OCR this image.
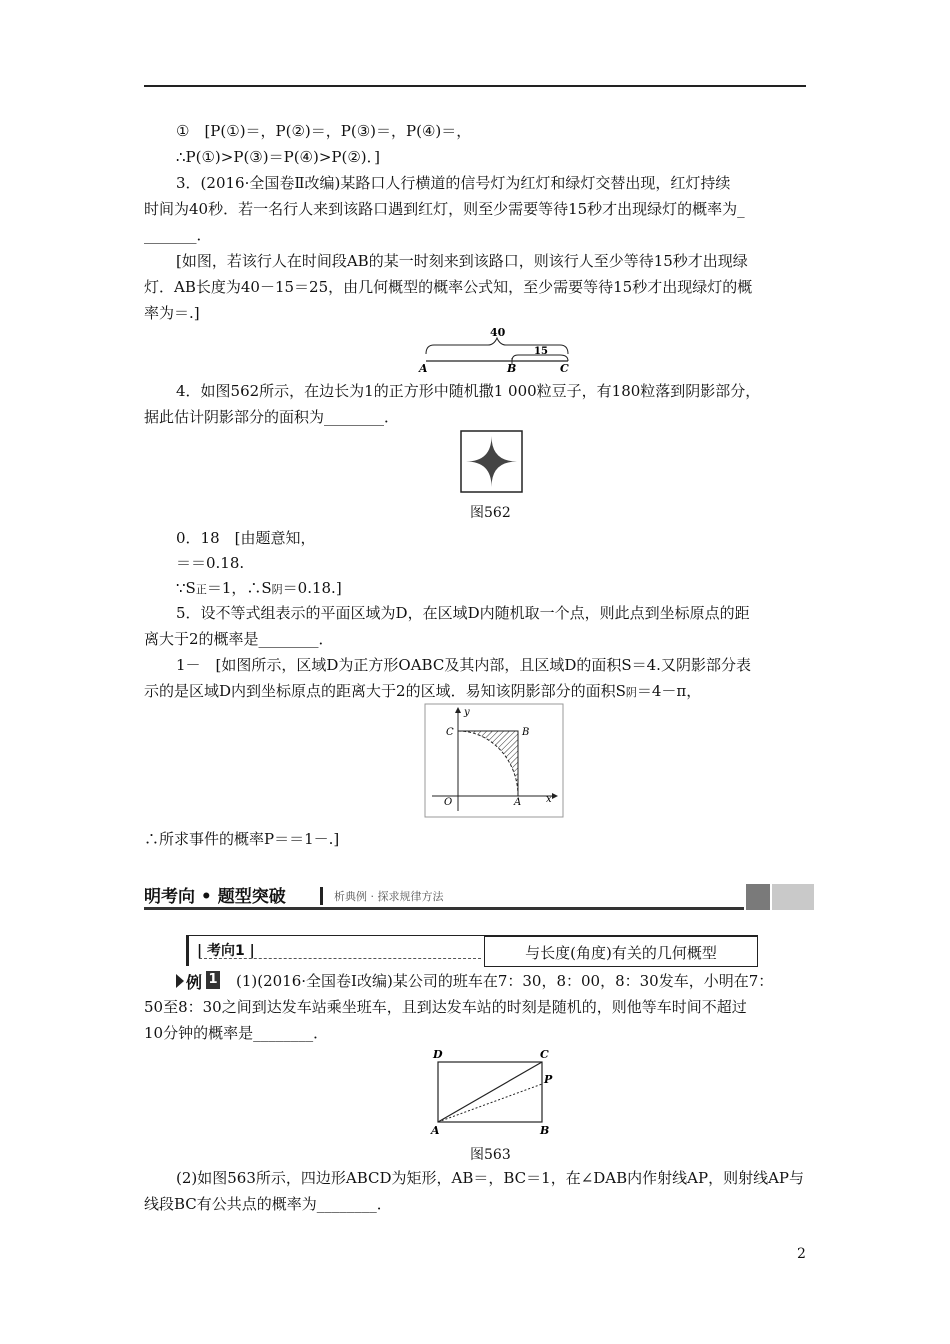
①　[P(①)＝，P(②)＝，P(③)＝，P(④)＝，
∴P(①)>P(③)＝P(④)>P(②)．]
3．(2016·全国卷Ⅱ改编)某路口人行横道的信号灯为红灯和绿灯交替出现，红灯持续
时间为40秒．若一名行人来到该路口遇到红灯，则至少需要等待15秒才出现绿灯的概率为_
_______．
[如图，若该行人在时间段AB的某一时刻来到该路口，则该行人至少等待15秒才出现绿
灯．AB长度为40－15＝25，由几何概型的概率公式知，至少需要等待15秒才出现绿灯的概
率为＝.]
40
15
A	B	C
4．如图562所示，在边长为1的正方形中随机撒1 000粒豆子，有180粒落到阴影部分，
据此估计阴影部分的面积为________．
图562
0．18　[由题意知，
＝＝0.18.
∵S正＝1，∴S阴＝0.18.]
5．设不等式组表示的平面区域为D，在区域D内随机取一个点，则此点到坐标原点的距
离大于2的概率是________．
1－　[如图所示，区域D为正方形OABC及其内部，且区域D的面积S＝4.又阴影部分表
示的是区域D内到坐标原点的距离大于2的区域．易知该阴影部分的面积S阴＝4－π，
y
x
O	A
B
C
∴所求事件的概率P＝＝1－.]
明考向 • 题型突破	析典例 · 探求规律方法
| 考向1 |	与长度(角度)有关的几何概型
例 1 (1)(2016·全国卷Ⅰ改编)某公司的班车在7：30，8：00，8：30发车，小明在7：
50至8：30之间到达发车站乘坐班车，且到达发车站的时刻是随机的，则他等车时间不超过
10分钟的概率是________．
D	C
P
A	B
图563
(2)如图563所示，四边形ABCD为矩形，AB＝，BC＝1，在∠DAB内作射线AP，则射线AP与
线段BC有公共点的概率为________．
2
